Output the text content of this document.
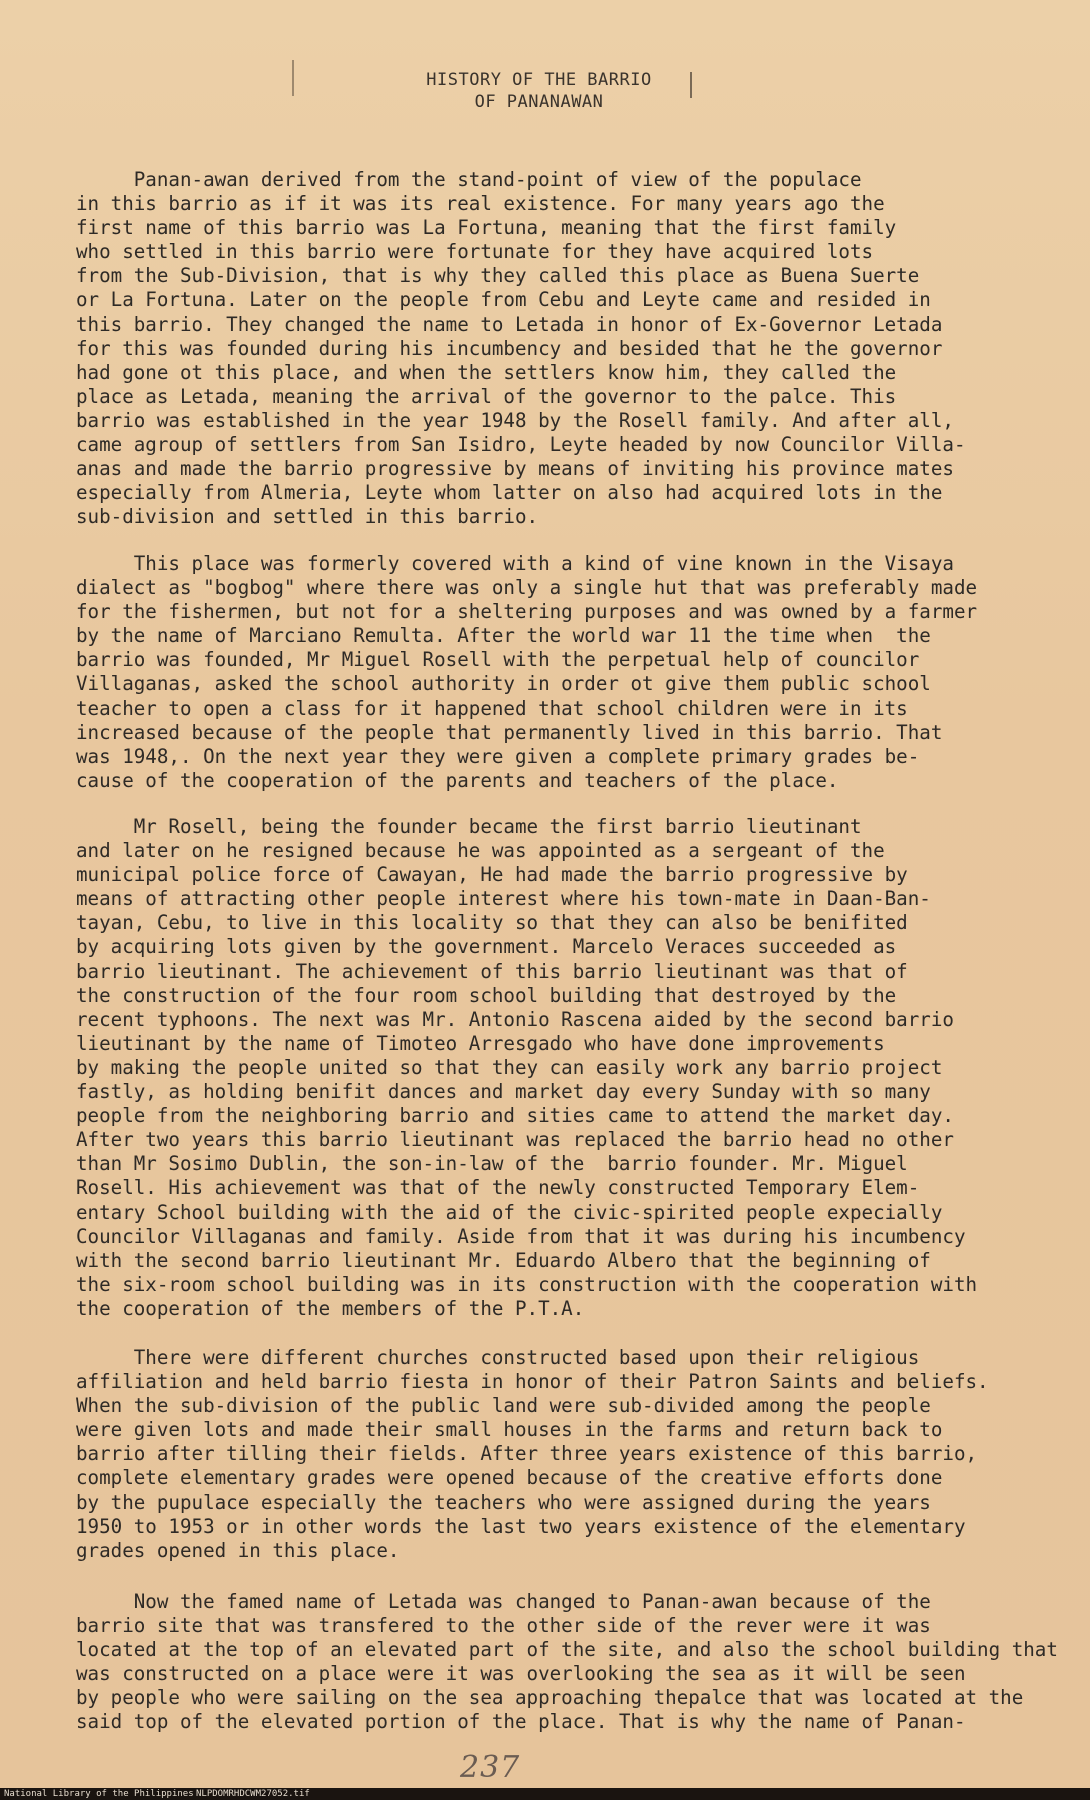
HISTORY OF THE BARRIO
OF PANANAWAN
Panan-awan derived from the stand-point of view of the populace
in this barrio as if it was its real existence. For many years ago the
first name of this barrio was La Fortuna, meaning that the first family
who settled in this barrio were fortunate for they have acquired lots
from the Sub-Division, that is why they called this place as Buena Suerte
or La Fortuna. Later on the people from Cebu and Leyte came and resided in
this barrio. They changed the name to Letada in honor of Ex-Governor Letada
for this was founded during his incumbency and besided that he the governor
had gone ot this place, and when the settlers know him, they called the
place as Letada, meaning the arrival of the governor to the palce. This
barrio was established in the year 1948 by the Rosell family. And after all,
came agroup of settlers from San Isidro, Leyte headed by now Councilor Villa-
anas and made the barrio progressive by means of inviting his province mates
especially from Almeria, Leyte whom latter on also had acquired lots in the
sub-division and settled in this barrio.
This place was formerly covered with a kind of vine known in the Visaya
dialect as "bogbog" where there was only a single hut that was preferably made
for the fishermen, but not for a sheltering purposes and was owned by a farmer
by the name of Marciano Remulta. After the world war 11 the time when  the
barrio was founded, Mr Miguel Rosell with the perpetual help of councilor
Villaganas, asked the school authority in order ot give them public school
teacher to open a class for it happened that school children were in its
increased because of the people that permanently lived in this barrio. That
was 1948,. On the next year they were given a complete primary grades be-
cause of the cooperation of the parents and teachers of the place.
Mr Rosell, being the founder became the first barrio lieutinant
and later on he resigned because he was appointed as a sergeant of the
municipal police force of Cawayan, He had made the barrio progressive by
means of attracting other people interest where his town-mate in Daan-Ban-
tayan, Cebu, to live in this locality so that they can also be benifited
by acquiring lots given by the government. Marcelo Veraces succeeded as
barrio lieutinant. The achievement of this barrio lieutinant was that of
the construction of the four room school building that destroyed by the
recent typhoons. The next was Mr. Antonio Rascena aided by the second barrio
lieutinant by the name of Timoteo Arresgado who have done improvements
by making the people united so that they can easily work any barrio project
fastly, as holding benifit dances and market day every Sunday with so many
people from the neighboring barrio and sities came to attend the market day.
After two years this barrio lieutinant was replaced the barrio head no other
than Mr Sosimo Dublin, the son-in-law of the  barrio founder. Mr. Miguel
Rosell. His achievement was that of the newly constructed Temporary Elem-
entary School building with the aid of the civic-spirited people expecially
Councilor Villaganas and family. Aside from that it was during his incumbency
with the second barrio lieutinant Mr. Eduardo Albero that the beginning of
the six-room school building was in its construction with the cooperation with
the cooperation of the members of the P.T.A.
There were different churches constructed based upon their religious
affiliation and held barrio fiesta in honor of their Patron Saints and beliefs.
When the sub-division of the public land were sub-divided among the people
were given lots and made their small houses in the farms and return back to
barrio after tilling their fields. After three years existence of this barrio,
complete elementary grades were opened because of the creative efforts done
by the pupulace especially the teachers who were assigned during the years
1950 to 1953 or in other words the last two years existence of the elementary
grades opened in this place.
Now the famed name of Letada was changed to Panan-awan because of the
barrio site that was transfered to the other side of the rever were it was
located at the top of an elevated part of the site, and also the school building that
was constructed on a place were it was overlooking the sea as it will be seen
by people who were sailing on the sea approaching thepalce that was located at the
said top of the elevated portion of the place. That is why the name of Panan-
237
National Library of the Philippines NLPDOMRHDCWM27052.tif
